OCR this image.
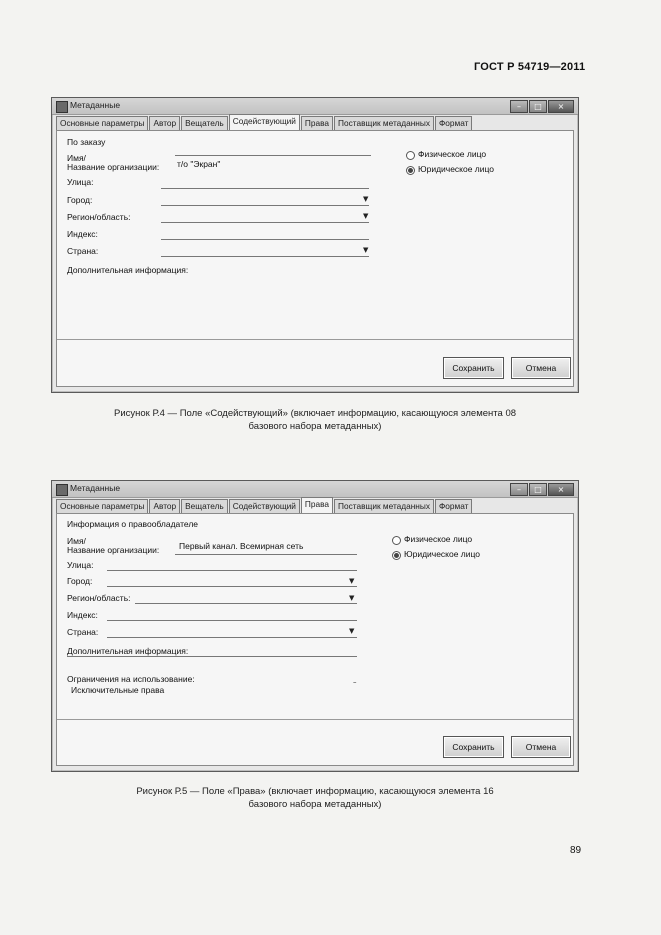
ГОСТ Р 54719—2011
Метаданные	–	□	×
Основные параметры	Автор	Вещатель	Содействующий	Права	Поставщик метаданных	Формат
По заказу
Имя/
Название организации: т/о "Экран"
Улица:
Город:	▼
Регион/область:	▼
Индекс:
Страна:	▼
Дополнительная информация:
Физическое лицо
Юридическое лицо
Сохранить	Отмена
Рисунок Р.4 — Поле «Содействующий» (включает информацию, касающуюся элемента 08
базового набора метаданных)
Метаданные	–	□	×
Основные параметры	Автор	Вещатель	Содействующий	Права	Поставщик метаданных	Формат
Информация о правообладателе
Имя/
Название организации: Первый канал. Всемирная сеть
Улица:
Город:	▼
Регион/область:	▼
Индекс:
Страна:	▼
Дополнительная информация:
Ограничения на использование:
Исключительные права
–
Физическое лицо
Юридическое лицо
Сохранить	Отмена
Рисунок Р.5 — Поле «Права» (включает информацию, касающуюся элемента 16
базового набора метаданных)
89
